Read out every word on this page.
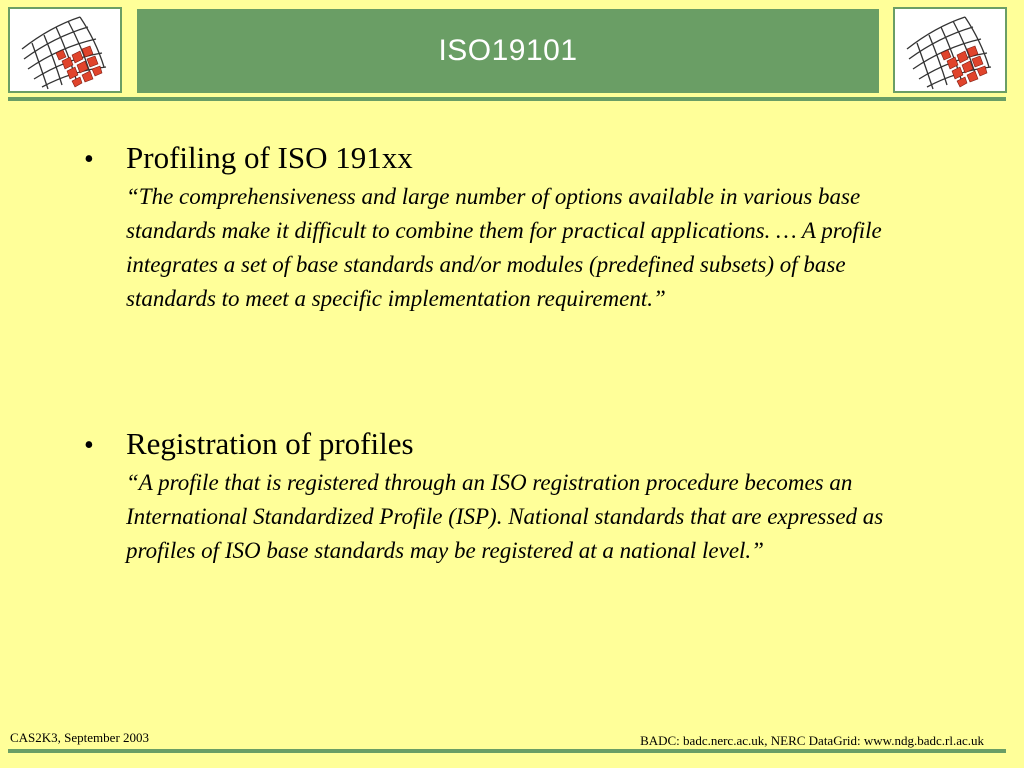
ISO19101
•	Profiling of ISO 191xx
“The comprehensiveness and large number of options available in various base standards make it difficult to combine them for practical applications. … A profile integrates a set of base standards and/or modules (predefined subsets) of base standards to meet a specific implementation requirement.”
•	Registration of profiles
“A profile that is registered through an ISO registration procedure becomes an International Standardized Profile (ISP). National standards that are expressed as profiles of ISO base standards may be registered at a national level.”
CAS2K3, September 2003	BADC: badc.nerc.ac.uk, NERC DataGrid: www.ndg.badc.rl.ac.uk
